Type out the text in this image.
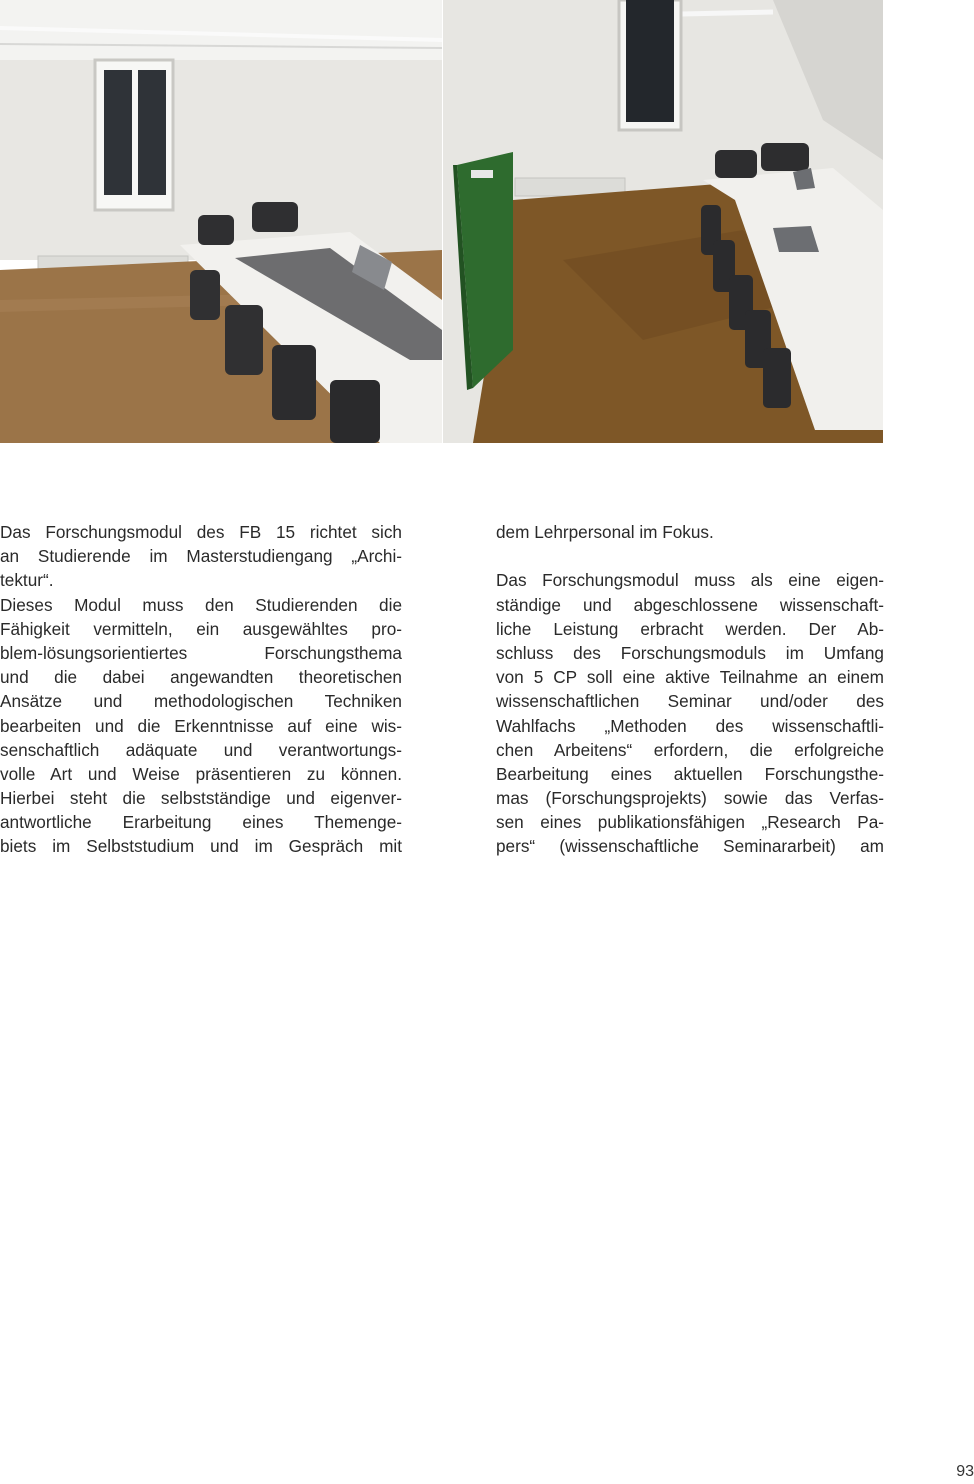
Das Forschungsmodul des FB 15 richtet sich
an Studierende im Masterstudiengang „Archi-
tektur“.
Dieses Modul muss den Studierenden die
Fähigkeit vermitteln, ein ausgewähltes pro-
blem-lösungsorientiertes Forschungsthema
und die dabei angewandten theoretischen
Ansätze und methodologischen Techniken
bearbeiten und die Erkenntnisse auf eine wis-
senschaftlich adäquate und verantwortungs-
volle Art und Weise präsentieren zu können.
Hierbei steht die selbstständige und eigenver-
antwortliche Erarbeitung eines Themenge-
biets im Selbststudium und im Gespräch mit
dem Lehrpersonal im Fokus.
Das Forschungsmodul muss als eine eigen-
ständige und abgeschlossene wissenschaft-
liche Leistung erbracht werden. Der Ab-
schluss des Forschungsmoduls im Umfang
von 5 CP soll eine aktive Teilnahme an einem
wissenschaftlichen Seminar und/oder des
Wahlfachs „Methoden des wissenschaftli-
chen Arbeitens“ erfordern, die erfolgreiche
Bearbeitung eines aktuellen Forschungsthe-
mas (Forschungsprojekts) sowie das Verfas-
sen eines publikationsfähigen „Research Pa-
pers“ (wissenschaftliche Seminararbeit) am
93
